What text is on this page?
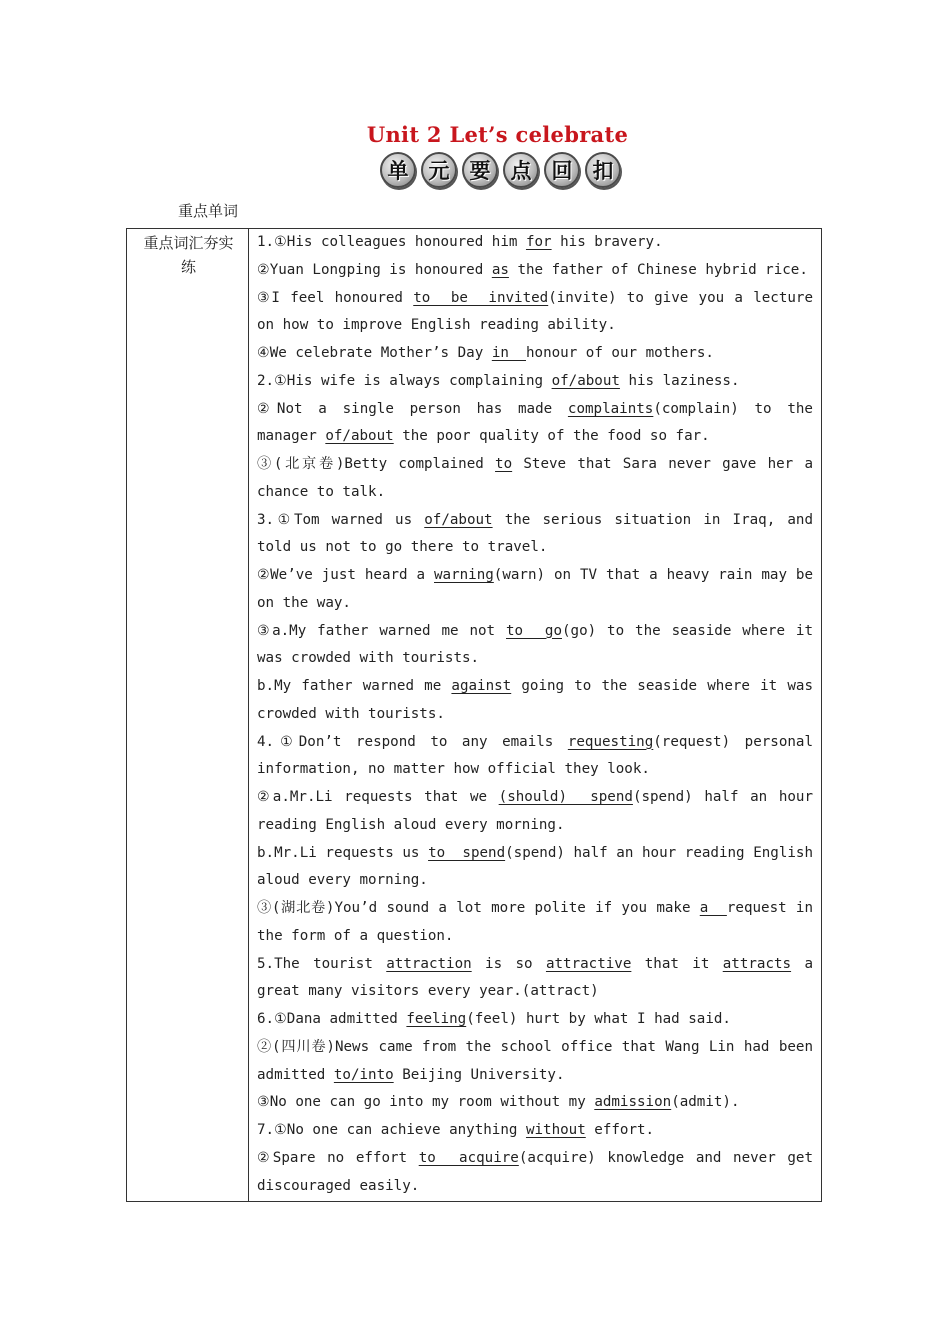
Unit 2 Let’s celebrate
单 元 要 点 回 扣
重点单词
重点词汇夯实练

1.①His colleagues honoured him for his bravery.

②Yuan Longping is honoured as the father of Chinese hybrid rice.

③I feel honoured to  be  invited(invite) to give you a lecture on how to improve English reading ability.

④We celebrate Mother’s Day in  honour of our mothers.

2.①His wife is always complaining of/about his laziness.

②Not a single person has made complaints(complain) to the manager of/about the poor quality of the food so far.

③(北京卷)Betty complained to Steve that Sara never gave her a chance to talk.

3.①Tom warned us of/about the serious situation in Iraq, and told us not to go there to travel.

②We’ve just heard a warning(warn) on TV that a heavy rain may be on the way.

③a.My father warned me not to  go(go) to the seaside where it was crowded with tourists.

b.My father warned me against going to the seaside where it was crowded with tourists.

4.①Don’t respond to any emails requesting(request) personal information, no matter how official they look.

②a.Mr.Li requests that we (should)  spend(spend) half an hour reading English aloud every morning.

b.Mr.Li requests us to  spend(spend) half an hour reading English aloud every morning.

③(湖北卷)You’d sound a lot more polite if you make a  request in the form of a question.

5.The tourist attraction is so attractive that it attracts a great many visitors every year.(attract)

6.①Dana admitted feeling(feel) hurt by what I had said.

②(四川卷)News came from the school office that Wang Lin had been admitted to/into Beijing University.

③No one can go into my room without my admission(admit).

7.①No one can achieve anything without effort.

②Spare no effort to  acquire(acquire) knowledge and never get discouraged easily.
